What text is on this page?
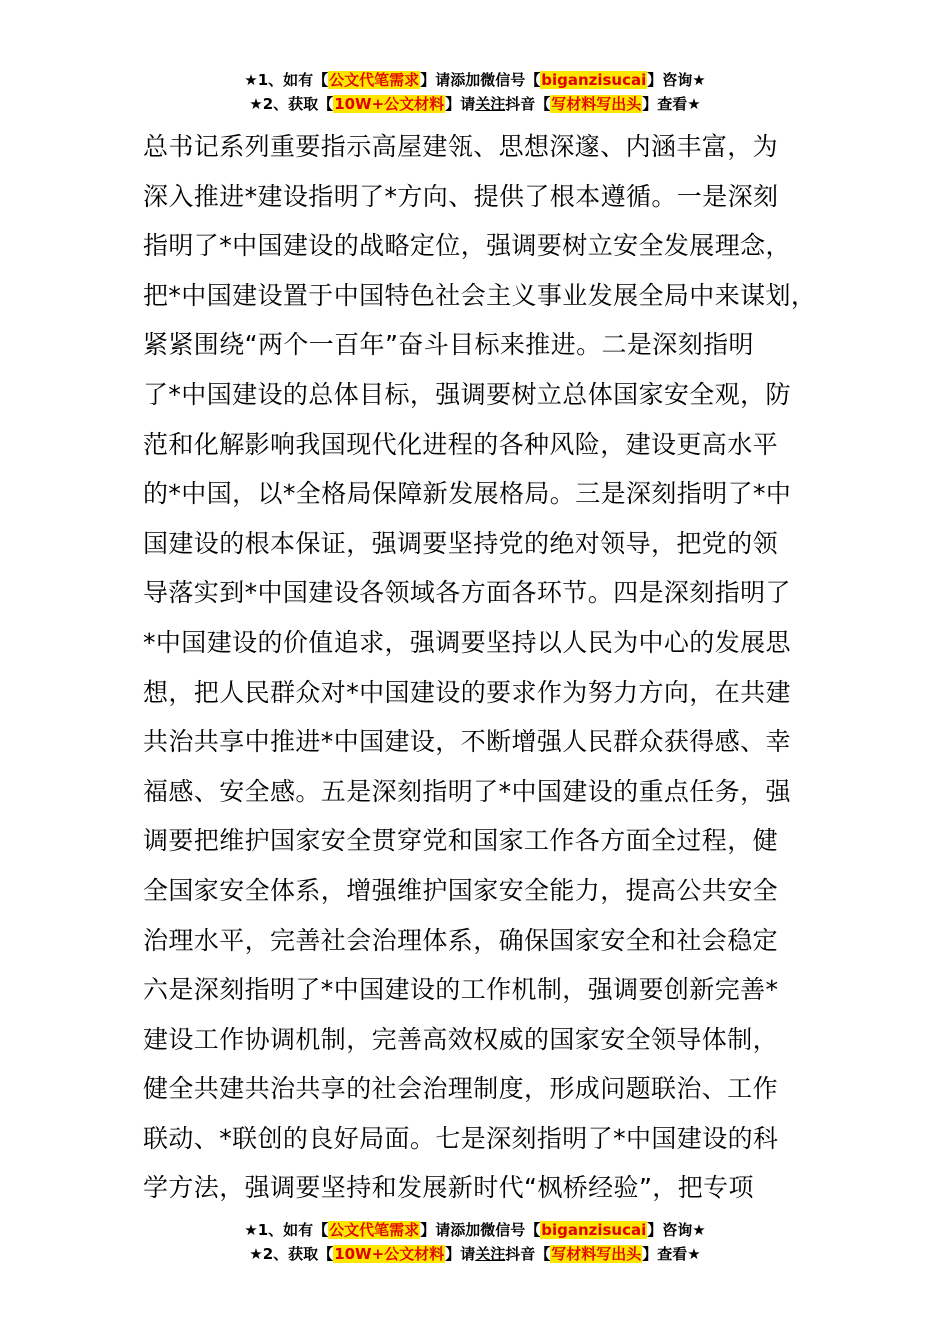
★1、如有【公文代笔需求】请添加微信号【biganzisucai】咨询★
★2、获取【10W+公文材料】请关注抖音【写材料写出头】查看★
总书记系列重要指示高屋建瓴、思想深邃、内涵丰富，为
深入推进*建设指明了*方向、提供了根本遵循。一是深刻
指明了*中国建设的战略定位，强调要树立安全发展理念，
把*中国建设置于中国特色社会主义事业发展全局中来谋划，
紧紧围绕“两个一百年”奋斗目标来推进。二是深刻指明
了*中国建设的总体目标，强调要树立总体国家安全观，防
范和化解影响我国现代化进程的各种风险，建设更高水平
的*中国，以*全格局保障新发展格局。三是深刻指明了*中
国建设的根本保证，强调要坚持党的绝对领导，把党的领
导落实到*中国建设各领域各方面各环节。四是深刻指明了
*中国建设的价值追求，强调要坚持以人民为中心的发展思
想，把人民群众对*中国建设的要求作为努力方向，在共建
共治共享中推进*中国建设，不断增强人民群众获得感、幸
福感、安全感。五是深刻指明了*中国建设的重点任务，强
调要把维护国家安全贯穿党和国家工作各方面全过程，健
全国家安全体系，增强维护国家安全能力，提高公共安全
治理水平，完善社会治理体系，确保国家安全和社会稳定
六是深刻指明了*中国建设的工作机制，强调要创新完善*
建设工作协调机制，完善高效权威的国家安全领导体制，
健全共建共治共享的社会治理制度，形成问题联治、工作
联动、*联创的良好局面。七是深刻指明了*中国建设的科
学方法，强调要坚持和发展新时代“枫桥经验”，把专项
★1、如有【公文代笔需求】请添加微信号【biganzisucai】咨询★
★2、获取【10W+公文材料】请关注抖音【写材料写出头】查看★
